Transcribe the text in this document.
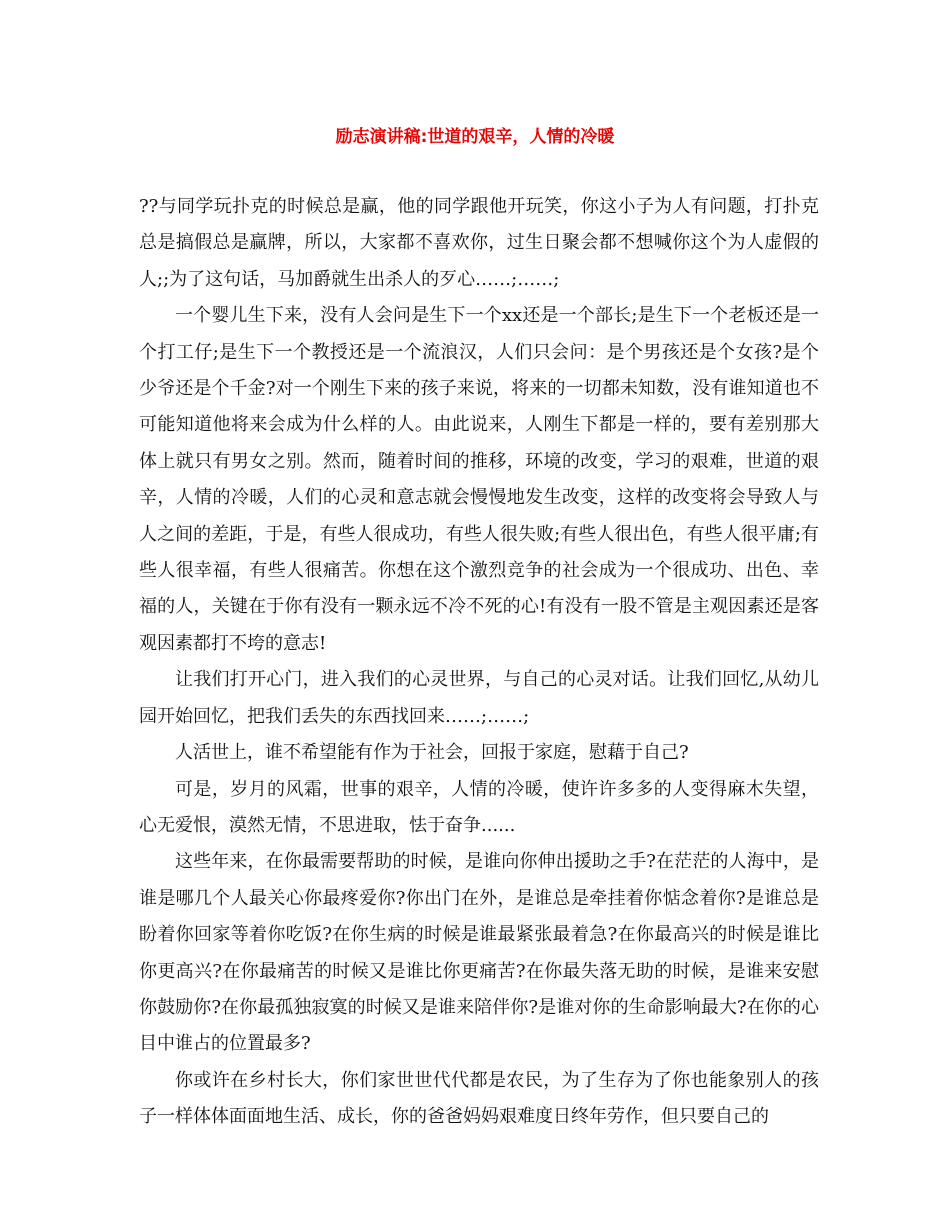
励志演讲稿:世道的艰辛，人情的冷暖

??与同学玩扑克的时候总是赢，他的同学跟他开玩笑，你这小子为人有问题，打扑克总是搞假总是赢牌，所以，大家都不喜欢你，过生日聚会都不想喊你这个为人虚假的人;;为了这句话，马加爵就生出杀人的歹心……;……;

一个婴儿生下来，没有人会问是生下一个xx还是一个部长;是生下一个老板还是一个打工仔;是生下一个教授还是一个流浪汉，人们只会问：是个男孩还是个女孩?是个少爷还是个千金?对一个刚生下来的孩子来说，将来的一切都未知数，没有谁知道也不可能知道他将来会成为什么样的人。由此说来，人刚生下都是一样的，要有差别那大体上就只有男女之别。然而，随着时间的推移，环境的改变，学习的艰难，世道的艰辛，人情的冷暖，人们的心灵和意志就会慢慢地发生改变，这样的改变将会导致人与人之间的差距，于是，有些人很成功，有些人很失败;有些人很出色，有些人很平庸;有些人很幸福，有些人很痛苦。你想在这个激烈竞争的社会成为一个很成功、出色、幸福的人，关键在于你有没有一颗永远不冷不死的心!有没有一股不管是主观因素还是客观因素都打不垮的意志!

让我们打开心门，进入我们的心灵世界，与自己的心灵对话。让我们回忆,从幼儿园开始回忆，把我们丢失的东西找回来……;……;

人活世上，谁不希望能有作为于社会，回报于家庭，慰藉于自己?

可是，岁月的风霜，世事的艰辛，人情的冷暖，使许许多多的人变得麻木失望，心无爱恨，漠然无情，不思进取，怯于奋争......

这些年来，在你最需要帮助的时候，是谁向你伸出援助之手?在茫茫的人海中，是谁是哪几个人最关心你最疼爱你?你出门在外，是谁总是牵挂着你惦念着你?是谁总是盼着你回家等着你吃饭?在你生病的时候是谁最紧张最着急?在你最高兴的时候是谁比你更高兴?在你最痛苦的时候又是谁比你更痛苦?在你最失落无助的时候，是谁来安慰你鼓励你?在你最孤独寂寞的时候又是谁来陪伴你?是谁对你的生命影响最大?在你的心目中谁占的位置最多?

你或许在乡村长大，你们家世世代代都是农民，为了生存为了你也能象别人的孩子一样体体面面地生活、成长，你的爸爸妈妈艰难度日终年劳作，但只要自己的
